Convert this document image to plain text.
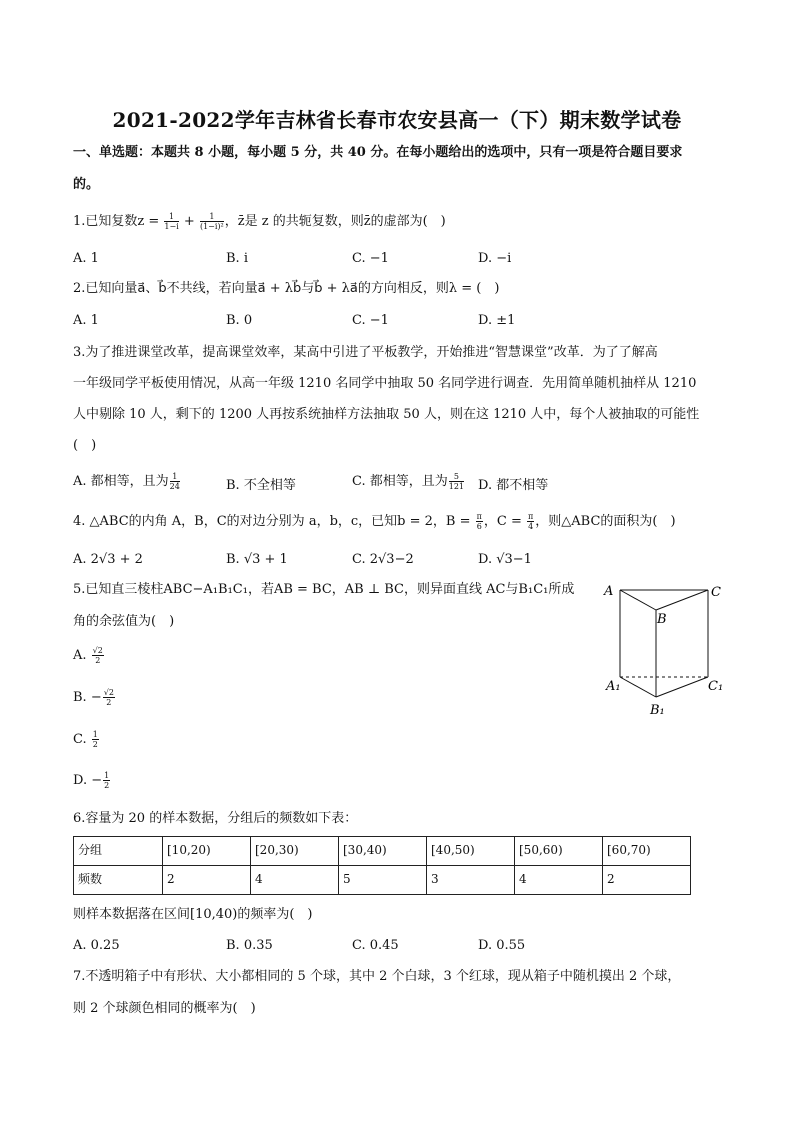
2021-2022学年吉林省长春市农安县高一（下）期末数学试卷
一、单选题：本题共 8 小题，每小题 5 分，共 40 分。在每小题给出的选项中，只有一项是符合题目要求
的。
1.已知复数$z = \frac{1}{1-i} + \frac{1}{\text{(1−i)²}}$ ，z̄是 z 的共轭复数，则z̄的虚部为(　)
A. 1	B. i	C. −1	D. −i
2.已知向量a⃗、b⃗不共线，若向量a⃗ + λb⃗与b⃗ + λa⃗的方向相反，则λ = (　)
A. 1	B. 0	C. −1	D. ±1
3.为了推进课堂改革，提高课堂效率，某高中引进了平板教学，开始推进“智慧课堂”改革．为了了解高
一年级同学平板使用情况，从高一年级 1210 名同学中抽取 50 名同学进行调查．先用简单随机抽样从 1210
人中剔除 10 人，剩下的 1200 人再按系统抽样方法抽取 50 人，则在这 1210 人中，每个人被抽取的可能性
(　)
A. 都相等，且为 $\frac{1}{24}$	B. 不全相等	C. 都相等，且为 $\frac{5}{121} D$. 都不相等
4. △ABC的内角 A，B，C的对边分别为 a，b，c，已知b = 2，$B = \frac{\pi}{6}$ ，$C = \frac{\pi}{4}$ ，则△ABC的面积为(　)
A. 2√3 + 2	B. √3 + 1	C. 2√3−2	D. √3−1
5.已知直三棱柱ABC−A₁B₁C₁，若AB = BC，AB ⊥ BC，则异面直线 AC与B₁C₁所成
角的余弦值为(　)
A. $\frac{√2}{2}$
B. − $\frac{√2}{2}$
C. $\frac{1}{2}$
D. − $\frac{1}{2}$
A	C
B
A₁	C₁
B₁
6.容量为 20 的样本数据，分组后的频数如下表：
分组	[10,20)	[20,30)	[30,40)	[40,50)	[50,60)	[60,70)
频数	2	4	5	3	4	2
则样本数据落在区间[10,40)的频率为(　)
A. 0.25	B. 0.35	C. 0.45	D. 0.55
7.不透明箱子中有形状、大小都相同的 5 个球，其中 2 个白球，3 个红球，现从箱子中随机摸出 2 个球，
则 2 个球颜色相同的概率为(　)
